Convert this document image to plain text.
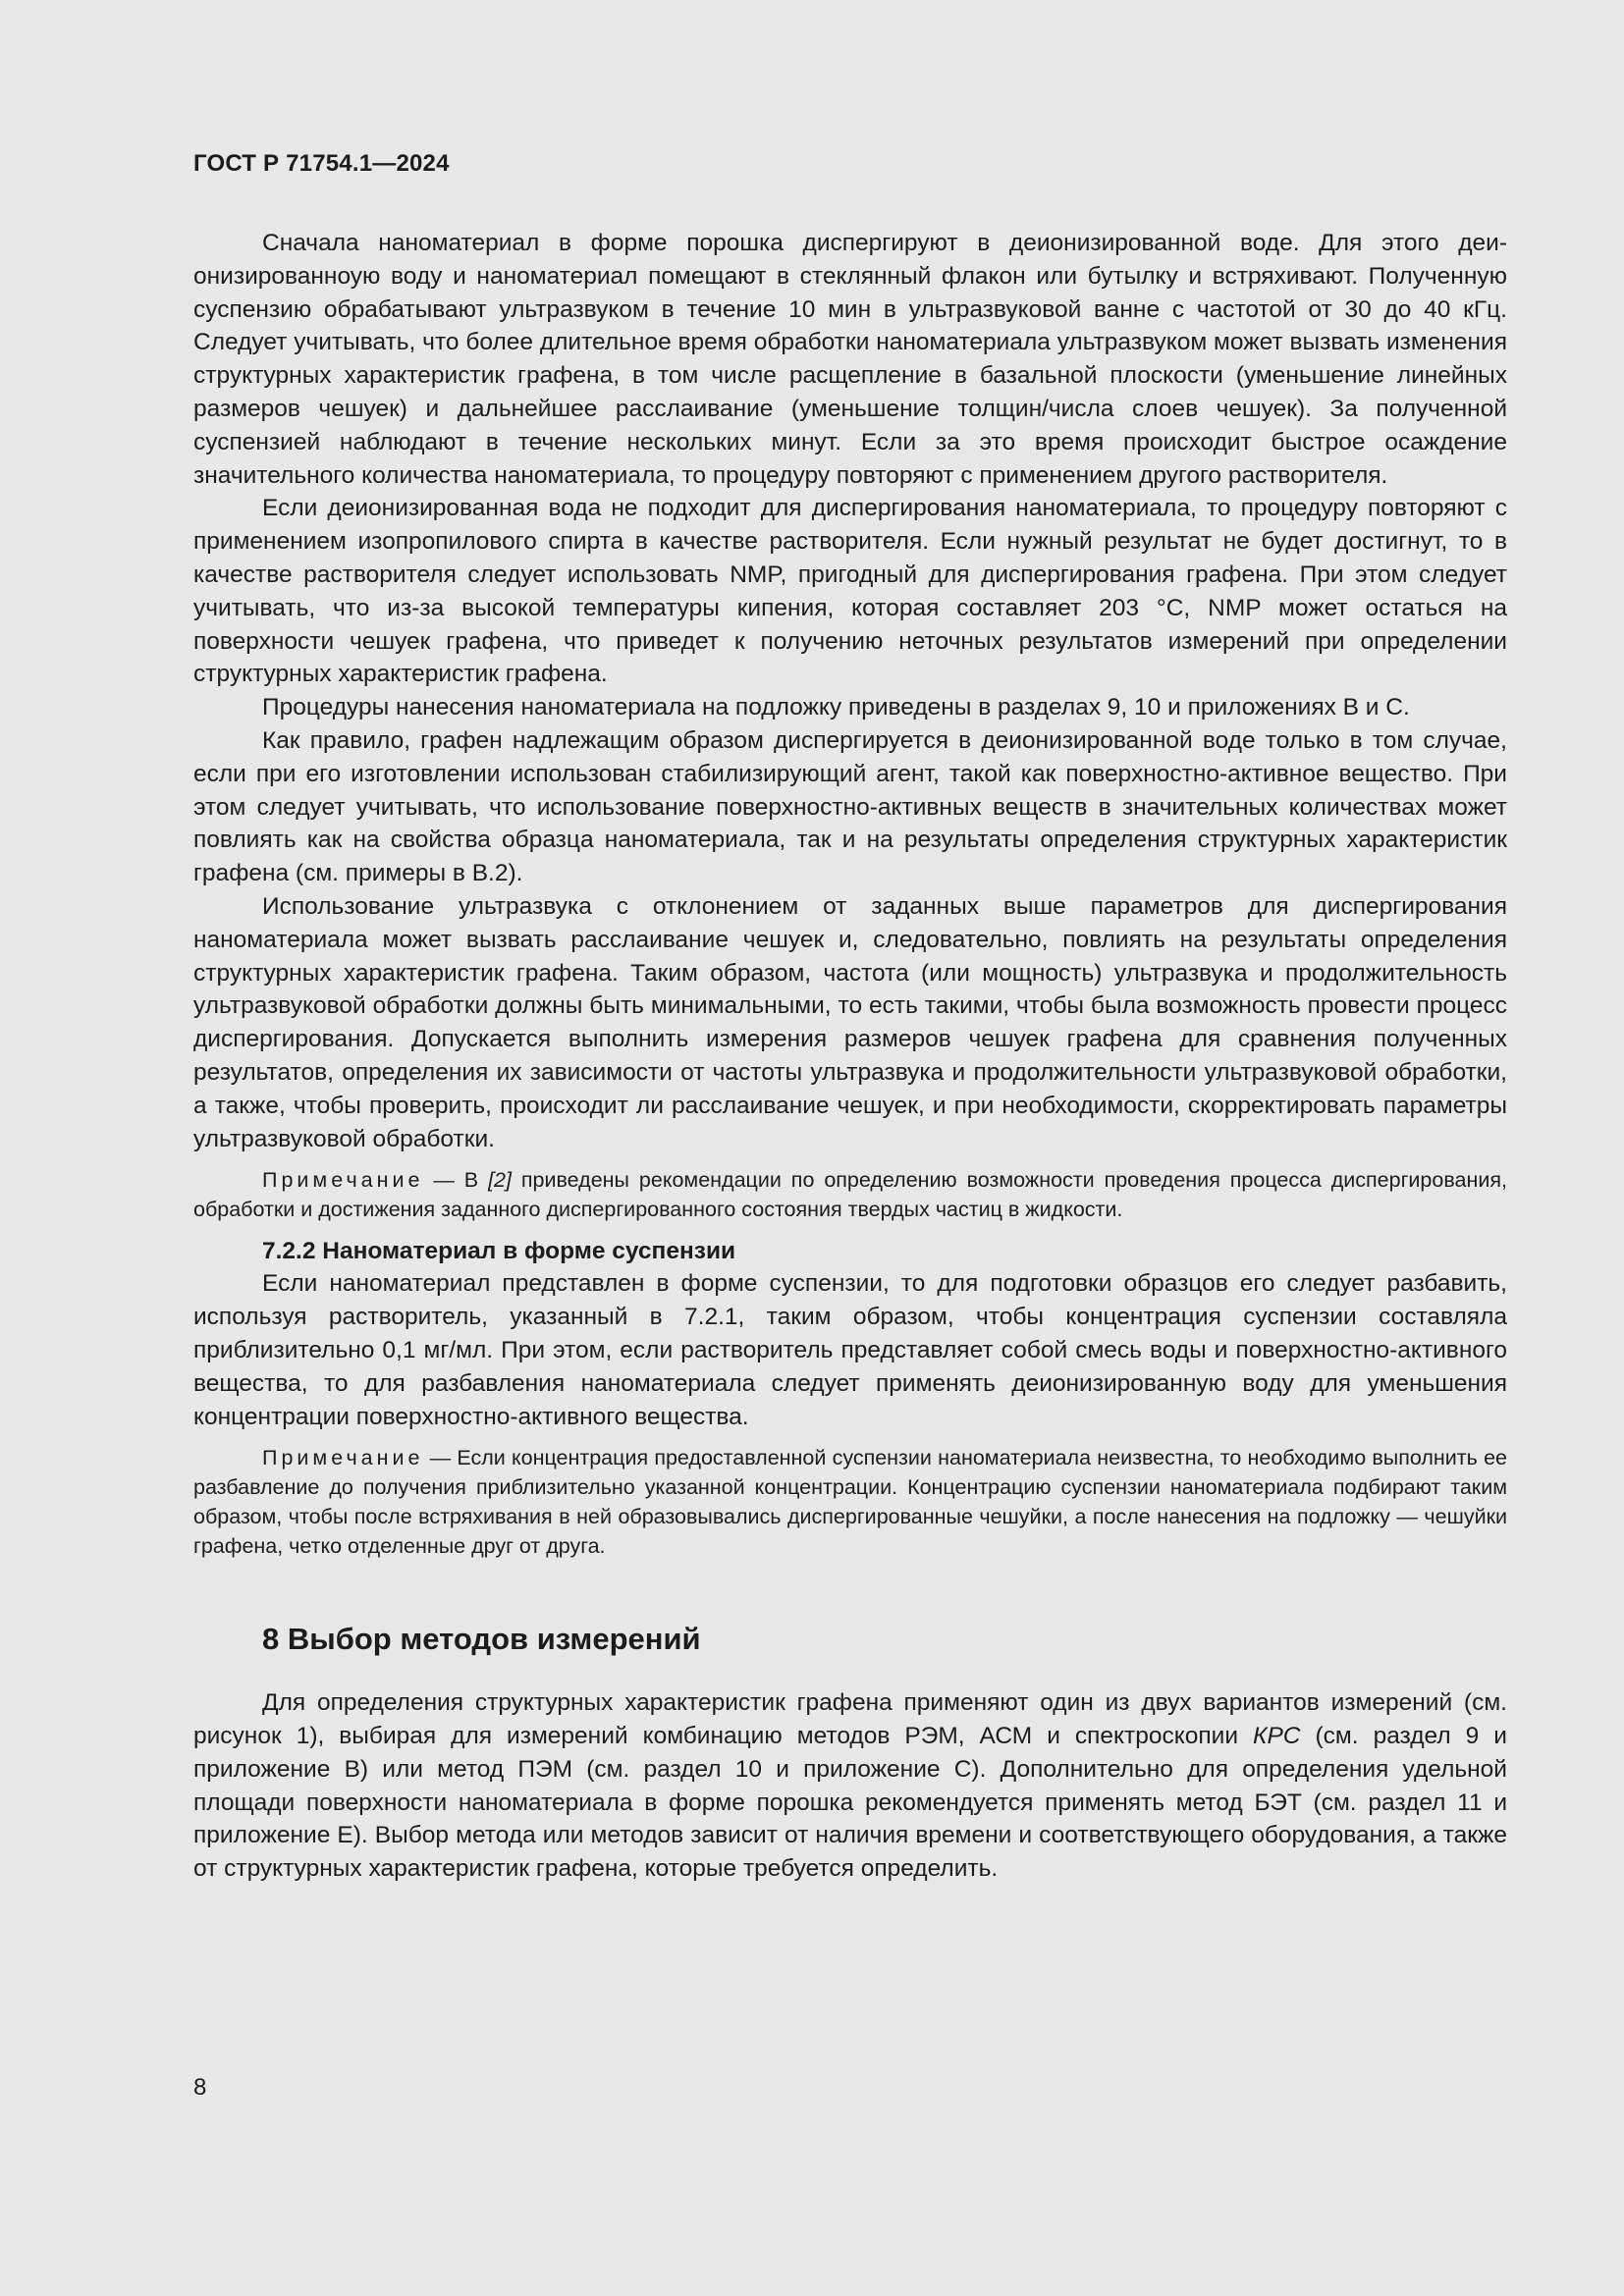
ГОСТ Р 71754.1—2024

Сначала наноматериал в форме порошка диспергируют в деионизированной воде. Для этого деионизированноую воду и наноматериал помещают в стеклянный флакон или бутылку и встряхивают. Полученную суспензию обрабатывают ультразвуком в течение 10 мин в ультразвуковой ванне с частотой от 30 до 40 кГц. Следует учитывать, что более длительное время обработки наноматериала ультразвуком может вызвать изменения структурных характеристик графена, в том числе расщепление в базальной плоскости (уменьшение линейных размеров чешуек) и дальнейшее расслаивание (уменьшение толщин/числа слоев чешуек). За полученной суспензией наблюдают в течение нескольких минут. Если за это время происходит быстрое осаждение значительного количества наноматериала, то процедуру повторяют с применением другого растворителя.

Если деионизированная вода не подходит для диспергирования наноматериала, то процедуру повторяют с применением изопропилового спирта в качестве растворителя. Если нужный результат не будет достигнут, то в качестве растворителя следует использовать NMP, пригодный для диспергирования графена. При этом следует учитывать, что из-за высокой температуры кипения, которая составляет 203 °C, NMP может остаться на поверхности чешуек графена, что приведет к получению неточных результатов измерений при определении структурных характеристик графена.

Процедуры нанесения наноматериала на подложку приведены в разделах 9, 10 и приложениях В и С.

Как правило, графен надлежащим образом диспергируется в деионизированной воде только в том случае, если при его изготовлении использован стабилизирующий агент, такой как поверхностно-активное вещество. При этом следует учитывать, что использование поверхностно-активных веществ в значительных количествах может повлиять как на свойства образца наноматериала, так и на результаты определения структурных характеристик графена (см. примеры в В.2).

Использование ультразвука с отклонением от заданных выше параметров для диспергирования наноматериала может вызвать расслаивание чешуек и, следовательно, повлиять на результаты определения структурных характеристик графена. Таким образом, частота (или мощность) ультразвука и продолжительность ультразвуковой обработки должны быть минимальными, то есть такими, чтобы была возможность провести процесс диспергирования. Допускается выполнить измерения размеров чешуек графена для сравнения полученных результатов, определения их зависимости от частоты ультразвука и продолжительности ультразвуковой обработки, а также, чтобы проверить, происходит ли расслаивание чешуек, и при необходимости, скорректировать параметры ультразвуковой обработки.

Примечание — В [2] приведены рекомендации по определению возможности проведения процесса диспергирования, обработки и достижения заданного диспергированного состояния твердых частиц в жидкости.

7.2.2 Наноматериал в форме суспензии

Если наноматериал представлен в форме суспензии, то для подготовки образцов его следует разбавить, используя растворитель, указанный в 7.2.1, таким образом, чтобы концентрация суспензии составляла приблизительно 0,1 мг/мл. При этом, если растворитель представляет собой смесь воды и поверхностно-активного вещества, то для разбавления наноматериала следует применять деионизированную воду для уменьшения концентрации поверхностно-активного вещества.

Примечание — Если концентрация предоставленной суспензии наноматериала неизвестна, то необходимо выполнить ее разбавление до получения приблизительно указанной концентрации. Концентрацию суспензии наноматериала подбирают таким образом, чтобы после встряхивания в ней образовывались диспергированные чешуйки, а после нанесения на подложку — чешуйки графена, четко отделенные друг от друга.

8 Выбор методов измерений

Для определения структурных характеристик графена применяют один из двух вариантов измерений (см. рисунок 1), выбирая для измерений комбинацию методов РЭМ, АСМ и спектроскопии КРС (см. раздел 9 и приложение В) или метод ПЭМ (см. раздел 10 и приложение С). Дополнительно для определения удельной площади поверхности наноматериала в форме порошка рекомендуется применять метод БЭТ (см. раздел 11 и приложение Е). Выбор метода или методов зависит от наличия времени и соответствующего оборудования, а также от структурных характеристик графена, которые требуется определить.

8
